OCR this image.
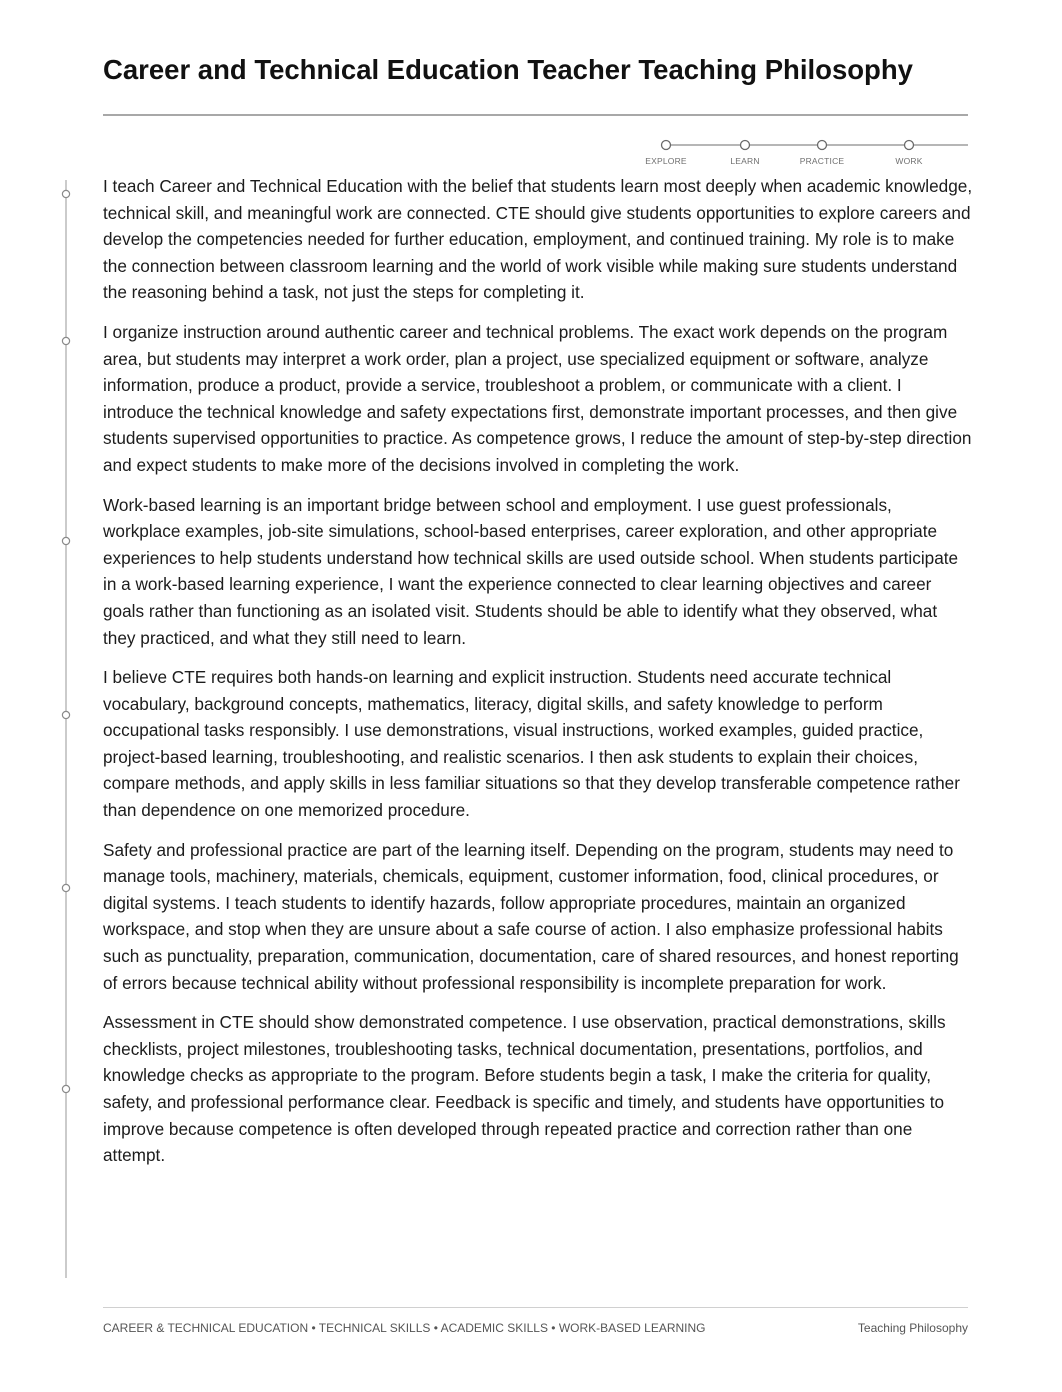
Career and Technical Education Teacher Teaching Philosophy
EXPLORE	LEARN	PRACTICE	WORK

I teach Career and Technical Education with the belief that students learn most deeply when academic knowledge, technical skill, and meaningful work are connected. CTE should give students opportunities to explore careers and develop the competencies needed for further education, employment, and continued training. My role is to make the connection between classroom learning and the world of work visible while making sure students understand the reasoning behind a task, not just the steps for completing it.

I organize instruction around authentic career and technical problems. The exact work depends on the program area, but students may interpret a work order, plan a project, use specialized equipment or software, analyze information, produce a product, provide a service, troubleshoot a problem, or communicate with a client. I introduce the technical knowledge and safety expectations first, demonstrate important processes, and then give students supervised opportunities to practice. As competence grows, I reduce the amount of step-by-step direction and expect students to make more of the decisions involved in completing the work.

Work-based learning is an important bridge between school and employment. I use guest professionals, workplace examples, job-site simulations, school-based enterprises, career exploration, and other appropriate experiences to help students understand how technical skills are used outside school. When students participate in a work-based learning experience, I want the experience connected to clear learning objectives and career goals rather than functioning as an isolated visit. Students should be able to identify what they observed, what they practiced, and what they still need to learn.

I believe CTE requires both hands-on learning and explicit instruction. Students need accurate technical vocabulary, background concepts, mathematics, literacy, digital skills, and safety knowledge to perform occupational tasks responsibly. I use demonstrations, visual instructions, worked examples, guided practice, project-based learning, troubleshooting, and realistic scenarios. I then ask students to explain their choices, compare methods, and apply skills in less familiar situations so that they develop transferable competence rather than dependence on one memorized procedure.

Safety and professional practice are part of the learning itself. Depending on the program, students may need to manage tools, machinery, materials, chemicals, equipment, customer information, food, clinical procedures, or digital systems. I teach students to identify hazards, follow appropriate procedures, maintain an organized workspace, and stop when they are unsure about a safe course of action. I also emphasize professional habits such as punctuality, preparation, communication, documentation, care of shared resources, and honest reporting of errors because technical ability without professional responsibility is incomplete preparation for work.

Assessment in CTE should show demonstrated competence. I use observation, practical demonstrations, skills checklists, project milestones, troubleshooting tasks, technical documentation, presentations, portfolios, and knowledge checks as appropriate to the program. Before students begin a task, I make the criteria for quality, safety, and professional performance clear. Feedback is specific and timely, and students have opportunities to improve because competence is often developed through repeated practice and correction rather than one attempt.

CAREER & TECHNICAL EDUCATION • TECHNICAL SKILLS • ACADEMIC SKILLS • WORK-BASED LEARNING	Teaching Philosophy
